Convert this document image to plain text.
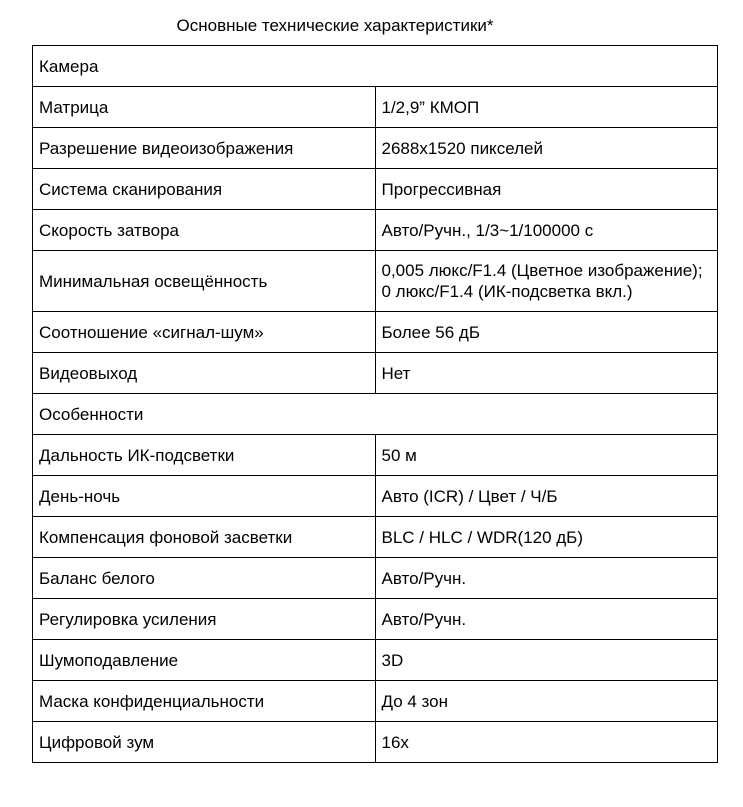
Основные технические характеристики*
Камера	
Матрица	1/2,9” КМОП
Разрешение видеоизображения	2688x1520 пикселей
Система сканирования	Прогрессивная
Скорость затвора	Авто/Ручн., 1/3~1/100000 с
Минимальная освещённость	0,005 люкс/F1.4 (Цветное изображение);
0 люкс/F1.4 (ИК-подсветка вкл.)

Соотношение «сигнал-шум»	Более 56 дБ
Видеовыход	Нет
Особенности	
Дальность ИК-подсветки	50 м
День-ночь	Авто (ICR) / Цвет / Ч/Б
Компенсация фоновой засветки	BLC / HLC / WDR(120 дБ)
Баланс белого	Авто/Ручн.
Регулировка усиления	Авто/Ручн.
Шумоподавление	3D
Маска конфиденциальности	До 4 зон
Цифровой зум	16x
